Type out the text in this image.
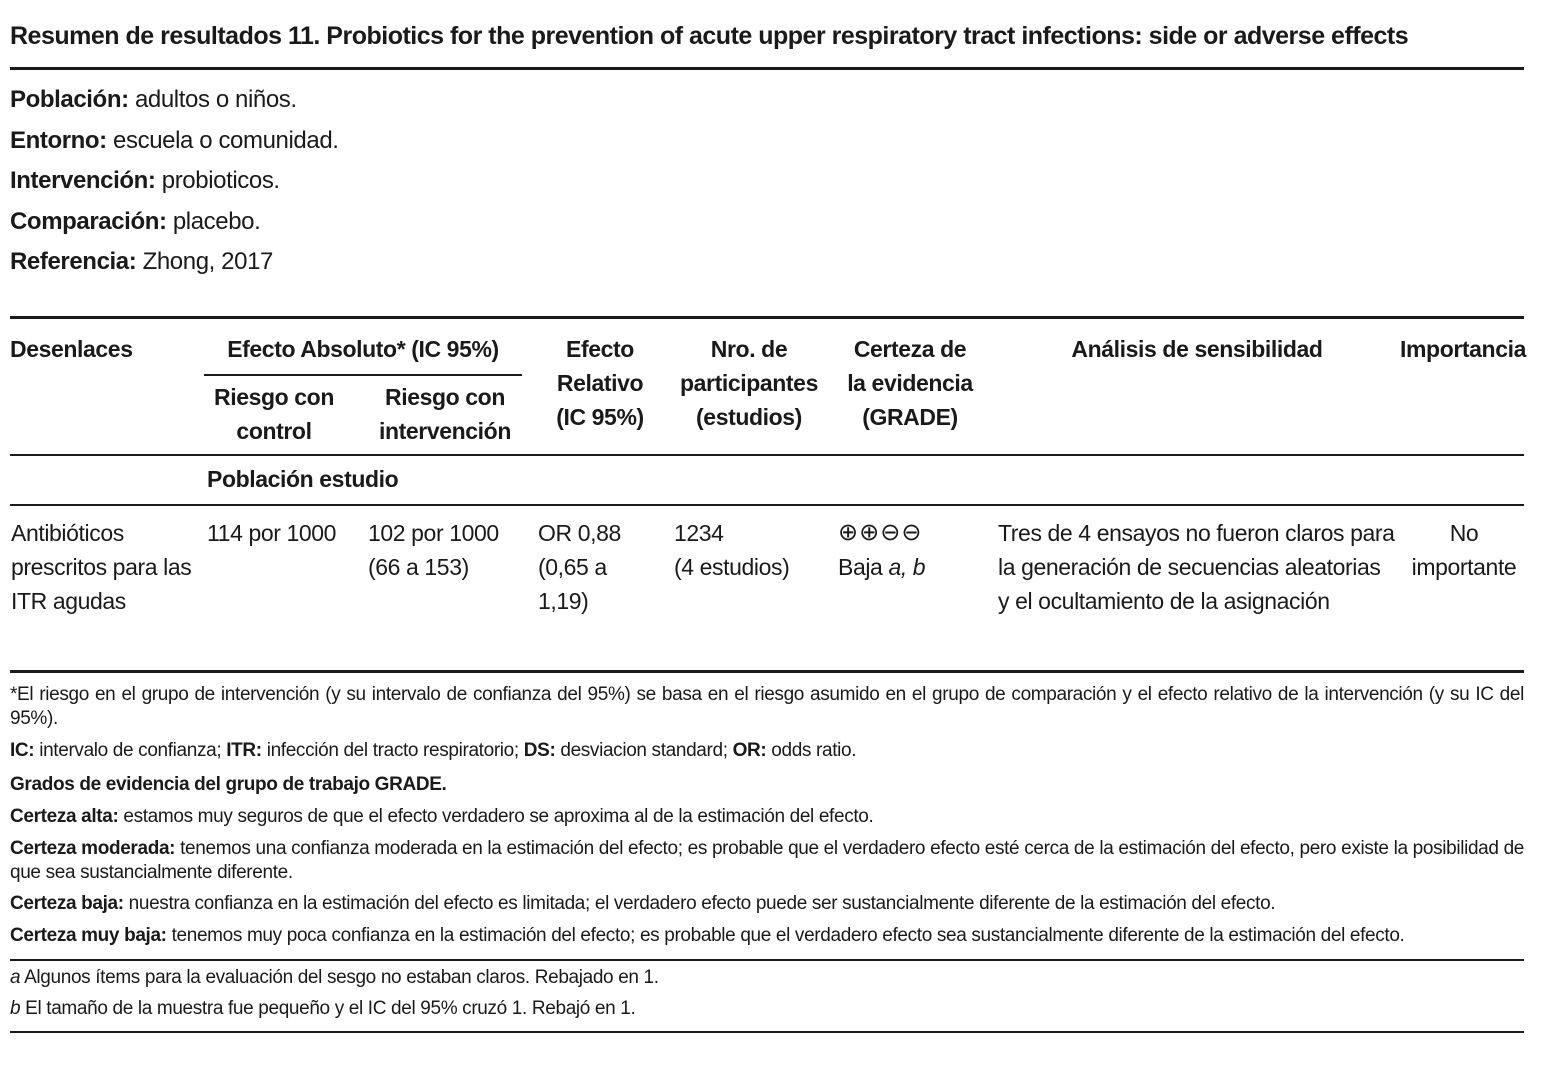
Resumen de resultados 11. Probiotics for the prevention of acute upper respiratory tract infections: side or adverse effects
Población: adultos o niños.
Entorno: escuela o comunidad.
Intervención: probioticos.
Comparación: placebo.
Referencia: Zhong, 2017
Desenlaces	Efecto Absoluto* (IC 95%)
Riesgo con
control
Riesgo con
intervención
Efecto
Relativo
(IC 95%)
Nro. de
participantes
(estudios)
Certeza de
la evidencia
(GRADE)
Análisis de sensibilidad	Importancia
Población estudio
Antibióticos
prescritos para las
ITR agudas
114 por 1000 102 por 1000
(66 a 153)
OR 0,88
(0,65 a
1,19)
1234
(4 estudios)
⊕⊕⊖⊖
Baja a, b
Tres de 4 ensayos no fueron claros para
la generación de secuencias aleatorias
y el ocultamiento de la asignación
No
importante
*El riesgo en el grupo de intervención (y su intervalo de confianza del 95%) se basa en el riesgo asumido en el grupo de comparación y el efecto relativo de la intervención (y su IC del 95%).
IC: intervalo de confianza; ITR: infección del tracto respiratorio; DS: desviacion standard; OR: odds ratio.
Grados de evidencia del grupo de trabajo GRADE.
Certeza alta: estamos muy seguros de que el efecto verdadero se aproxima al de la estimación del efecto.
Certeza moderada: tenemos una confianza moderada en la estimación del efecto; es probable que el verdadero efecto esté cerca de la estimación del efecto, pero existe la posibilidad de que sea sustancialmente diferente.
Certeza baja: nuestra confianza en la estimación del efecto es limitada; el verdadero efecto puede ser sustancialmente diferente de la estimación del efecto.
Certeza muy baja: tenemos muy poca confianza en la estimación del efecto; es probable que el verdadero efecto sea sustancialmente diferente de la estimación del efecto.
a Algunos ítems para la evaluación del sesgo no estaban claros. Rebajado en 1.
b El tamaño de la muestra fue pequeño y el IC del 95% cruzó 1. Rebajó en 1.
